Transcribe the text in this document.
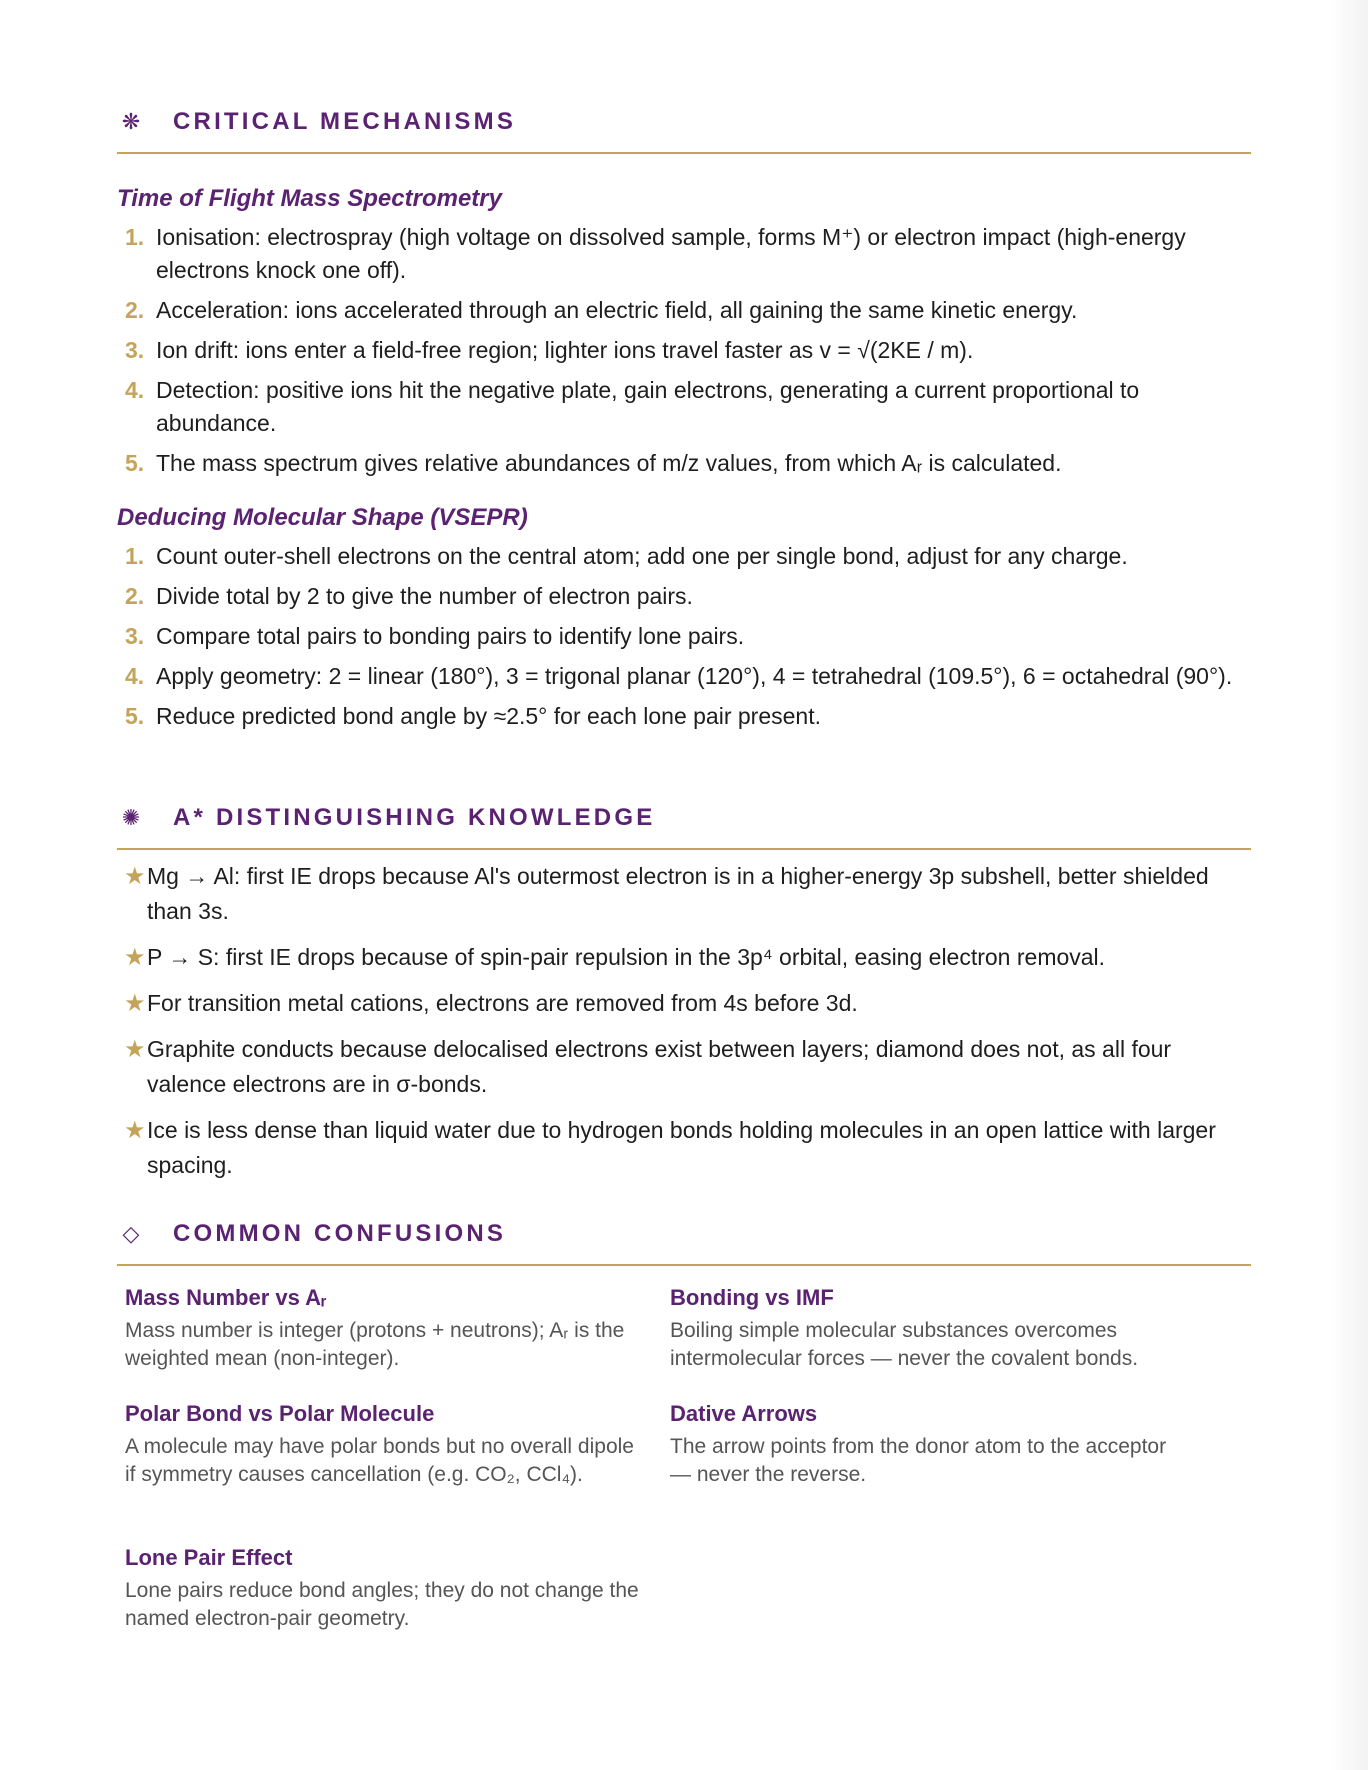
❋ CRITICAL MECHANISMS
Time of Flight Mass Spectrometry
1. Ionisation: electrospray (high voltage on dissolved sample, forms M⁺) or electron impact (high-energy electrons knock one off).
2. Acceleration: ions accelerated through an electric field, all gaining the same kinetic energy.
3. Ion drift: ions enter a field-free region; lighter ions travel faster as v = √(2KE / m).
4. Detection: positive ions hit the negative plate, gain electrons, generating a current proportional to abundance.
5. The mass spectrum gives relative abundances of m/z values, from which Aᵣ is calculated.
Deducing Molecular Shape (VSEPR)
1. Count outer-shell electrons on the central atom; add one per single bond, adjust for any charge.
2. Divide total by 2 to give the number of electron pairs.
3. Compare total pairs to bonding pairs to identify lone pairs.
4. Apply geometry: 2 = linear (180°), 3 = trigonal planar (120°), 4 = tetrahedral (109.5°), 6 = octahedral (90°).
5. Reduce predicted bond angle by ≈2.5° for each lone pair present.
✺ A* DISTINGUISHING KNOWLEDGE
★ Mg → Al: first IE drops because Al's outermost electron is in a higher-energy 3p subshell, better shielded than 3s.
★ P → S: first IE drops because of spin-pair repulsion in the 3p⁴ orbital, easing electron removal.
★ For transition metal cations, electrons are removed from 4s before 3d.
★ Graphite conducts because delocalised electrons exist between layers; diamond does not, as all four valence electrons are in σ-bonds.
★ Ice is less dense than liquid water due to hydrogen bonds holding molecules in an open lattice with larger spacing.
◇ COMMON CONFUSIONS
Mass Number vs Aᵣ
Mass number is integer (protons + neutrons); Aᵣ is the weighted mean (non-integer).
Bonding vs IMF
Boiling simple molecular substances overcomes intermolecular forces — never the covalent bonds.
Polar Bond vs Polar Molecule
A molecule may have polar bonds but no overall dipole if symmetry causes cancellation (e.g. CO₂, CCl₄).
Dative Arrows
The arrow points from the donor atom to the acceptor — never the reverse.
Lone Pair Effect
Lone pairs reduce bond angles; they do not change the named electron-pair geometry.
